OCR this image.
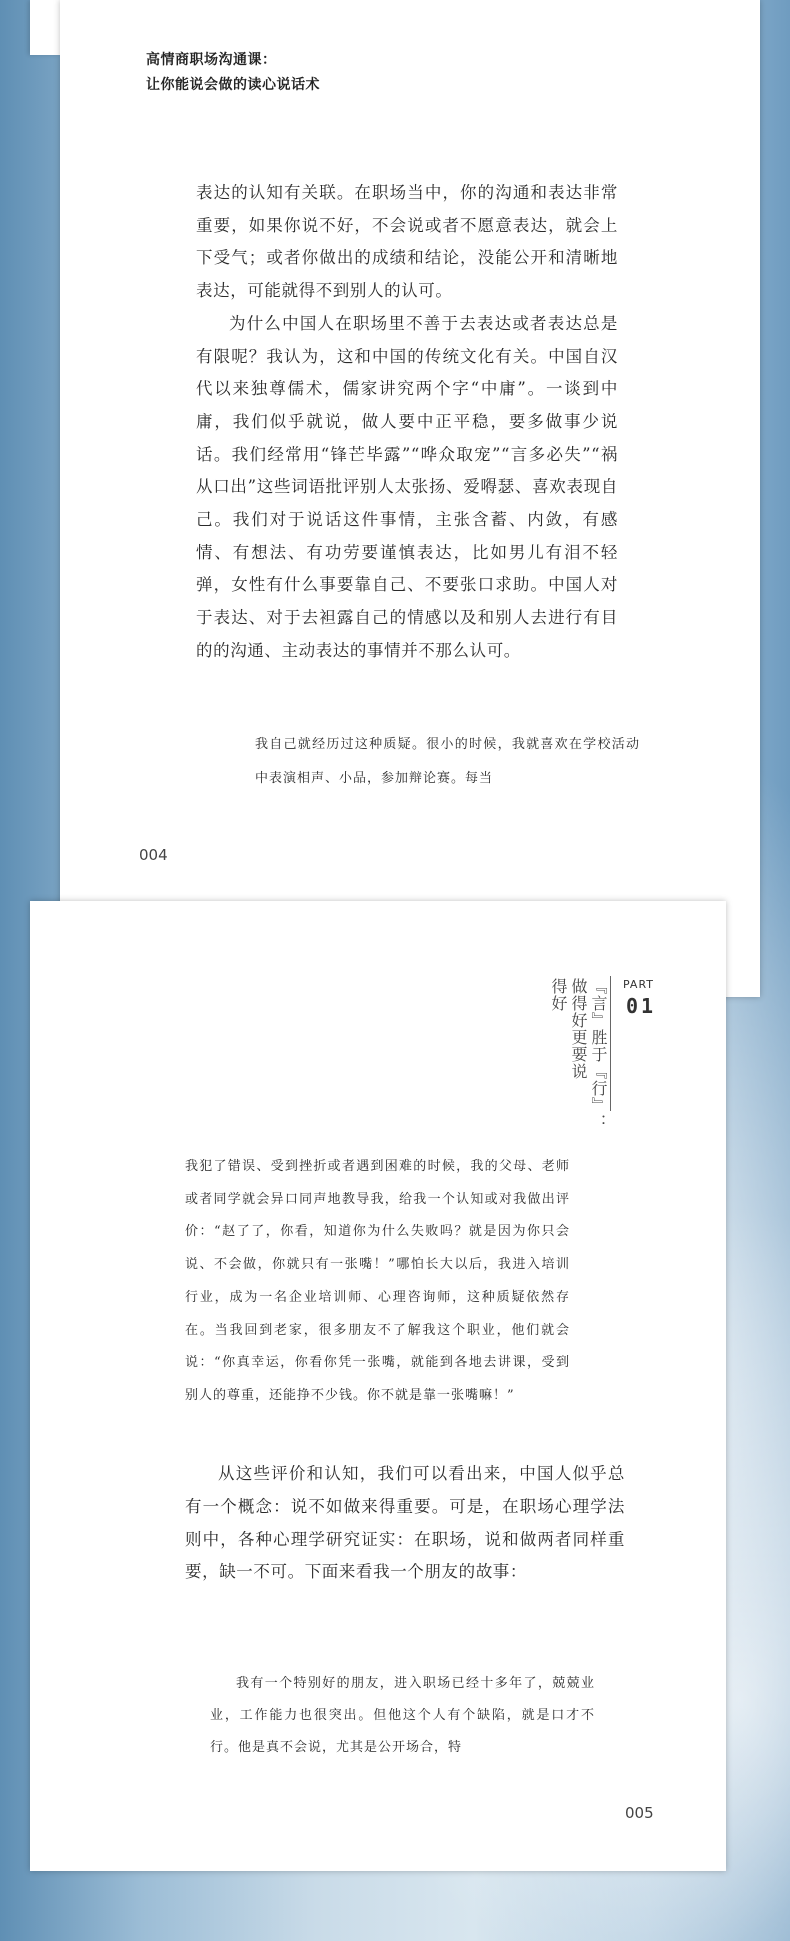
高情商职场沟通课：
让你能说会做的读心说话术

表达的认知有关联。在职场当中，你的沟通和表达非常重要，如果你说不好，不会说或者不愿意表达，就会上下受气；或者你做出的成绩和结论，没能公开和清晰地表达，可能就得不到别人的认可。

为什么中国人在职场里不善于去表达或者表达总是有限呢？我认为，这和中国的传统文化有关。中国自汉代以来独尊儒术，儒家讲究两个字“中庸”。一谈到中庸，我们似乎就说，做人要中正平稳，要多做事少说话。我们经常用“锋芒毕露”“哗众取宠”“言多必失”“祸从口出”这些词语批评别人太张扬、爱嘚瑟、喜欢表现自己。我们对于说话这件事情，主张含蓄、内敛，有感情、有想法、有功劳要谨慎表达，比如男儿有泪不轻弹，女性有什么事要靠自己、不要张口求助。中国人对于表达、对于去袒露自己的情感以及和别人去进行有目的的沟通、主动表达的事情并不那么认可。

我自己就经历过这种质疑。很小的时候，我就喜欢在学校活动中表演相声、小品，参加辩论赛。每当

004
PART
01
『言』胜于『行』：
做得好更要说
得好

我犯了错误、受到挫折或者遇到困难的时候，我的父母、老师或者同学就会异口同声地教导我，给我一个认知或对我做出评价：“赵了了，你看，知道你为什么失败吗？就是因为你只会说、不会做，你就只有一张嘴！”哪怕长大以后，我进入培训行业，成为一名企业培训师、心理咨询师，这种质疑依然存在。当我回到老家，很多朋友不了解我这个职业，他们就会说：“你真幸运，你看你凭一张嘴，就能到各地去讲课，受到别人的尊重，还能挣不少钱。你不就是靠一张嘴嘛！”

从这些评价和认知，我们可以看出来，中国人似乎总有一个概念：说不如做来得重要。可是，在职场心理学法则中，各种心理学研究证实：在职场，说和做两者同样重要，缺一不可。下面来看我一个朋友的故事：

我有一个特别好的朋友，进入职场已经十多年了，兢兢业业，工作能力也很突出。但他这个人有个缺陷，就是口才不行。他是真不会说，尤其是公开场合，特

005
